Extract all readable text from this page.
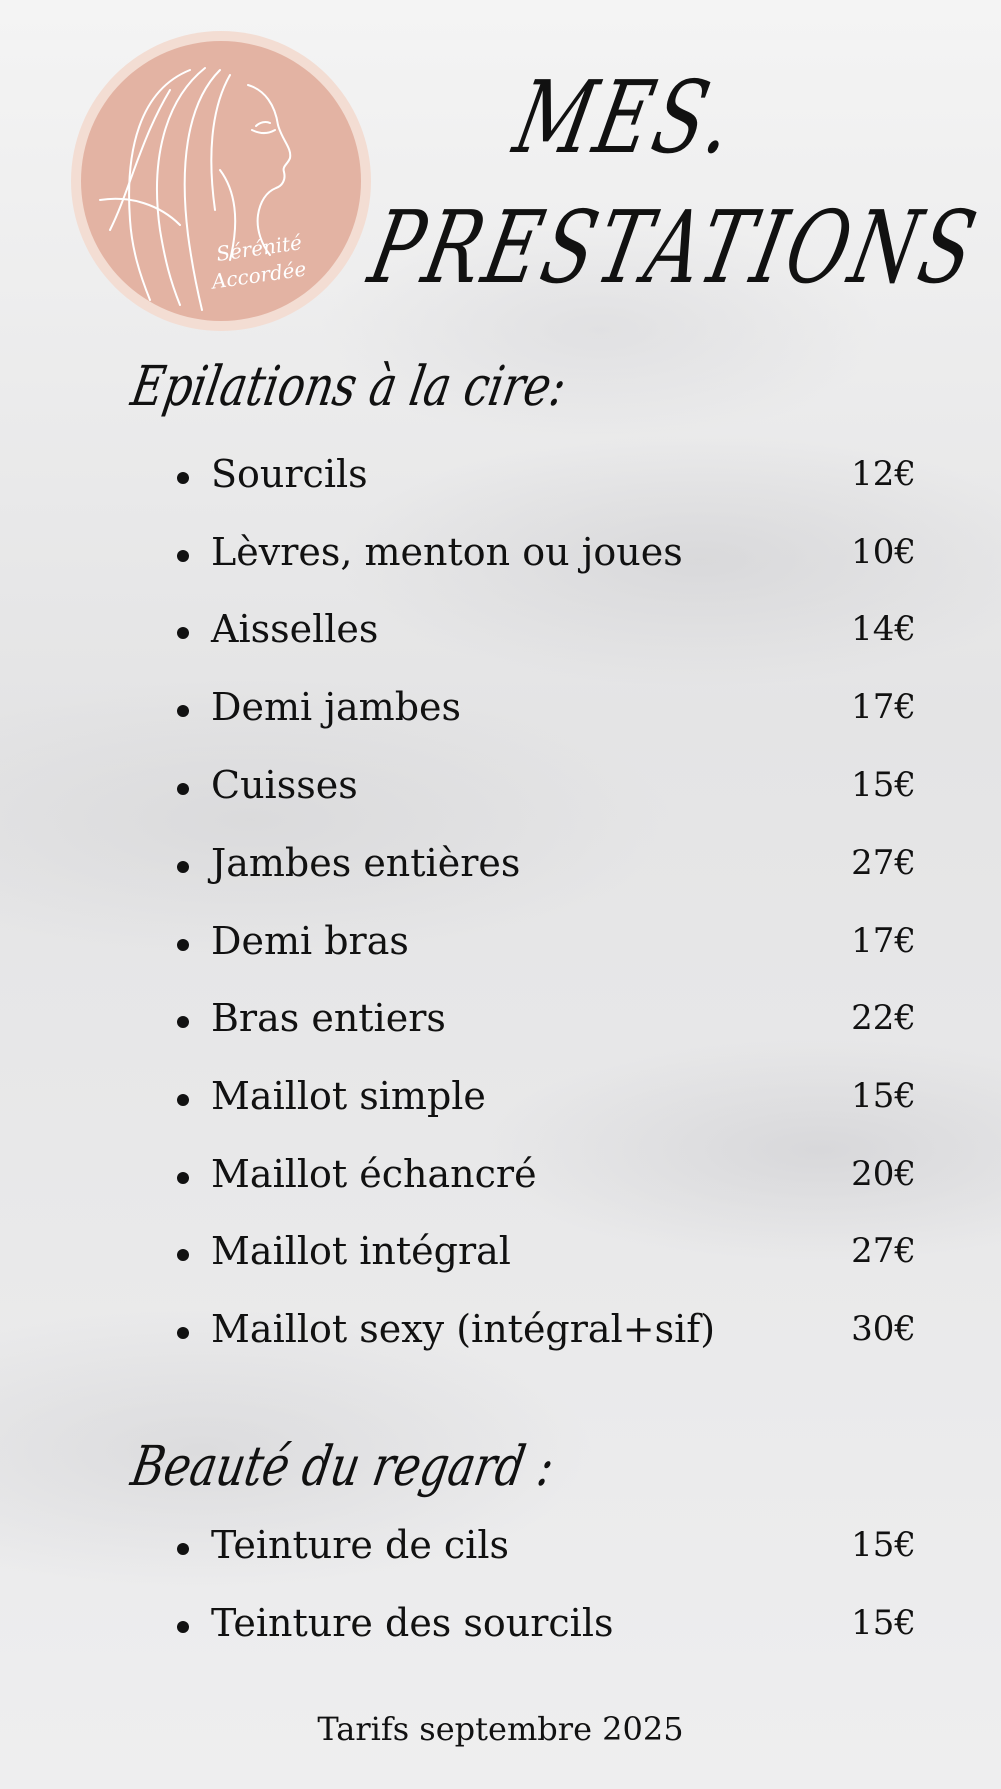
Sérénité
Accordée
MES.
PRESTATIONS
Epilations à la cire:
Sourcils	12€
Lèvres, menton ou joues	10€
Aisselles	14€
Demi jambes	17€
Cuisses	15€
Jambes entières	27€
Demi bras	17€
Bras entiers	22€
Maillot simple	15€
Maillot échancré	20€
Maillot intégral	27€
Maillot sexy (intégral+sif)	30€
Beauté du regard :
Teinture de cils	15€
Teinture des sourcils	15€
Tarifs septembre 2025
